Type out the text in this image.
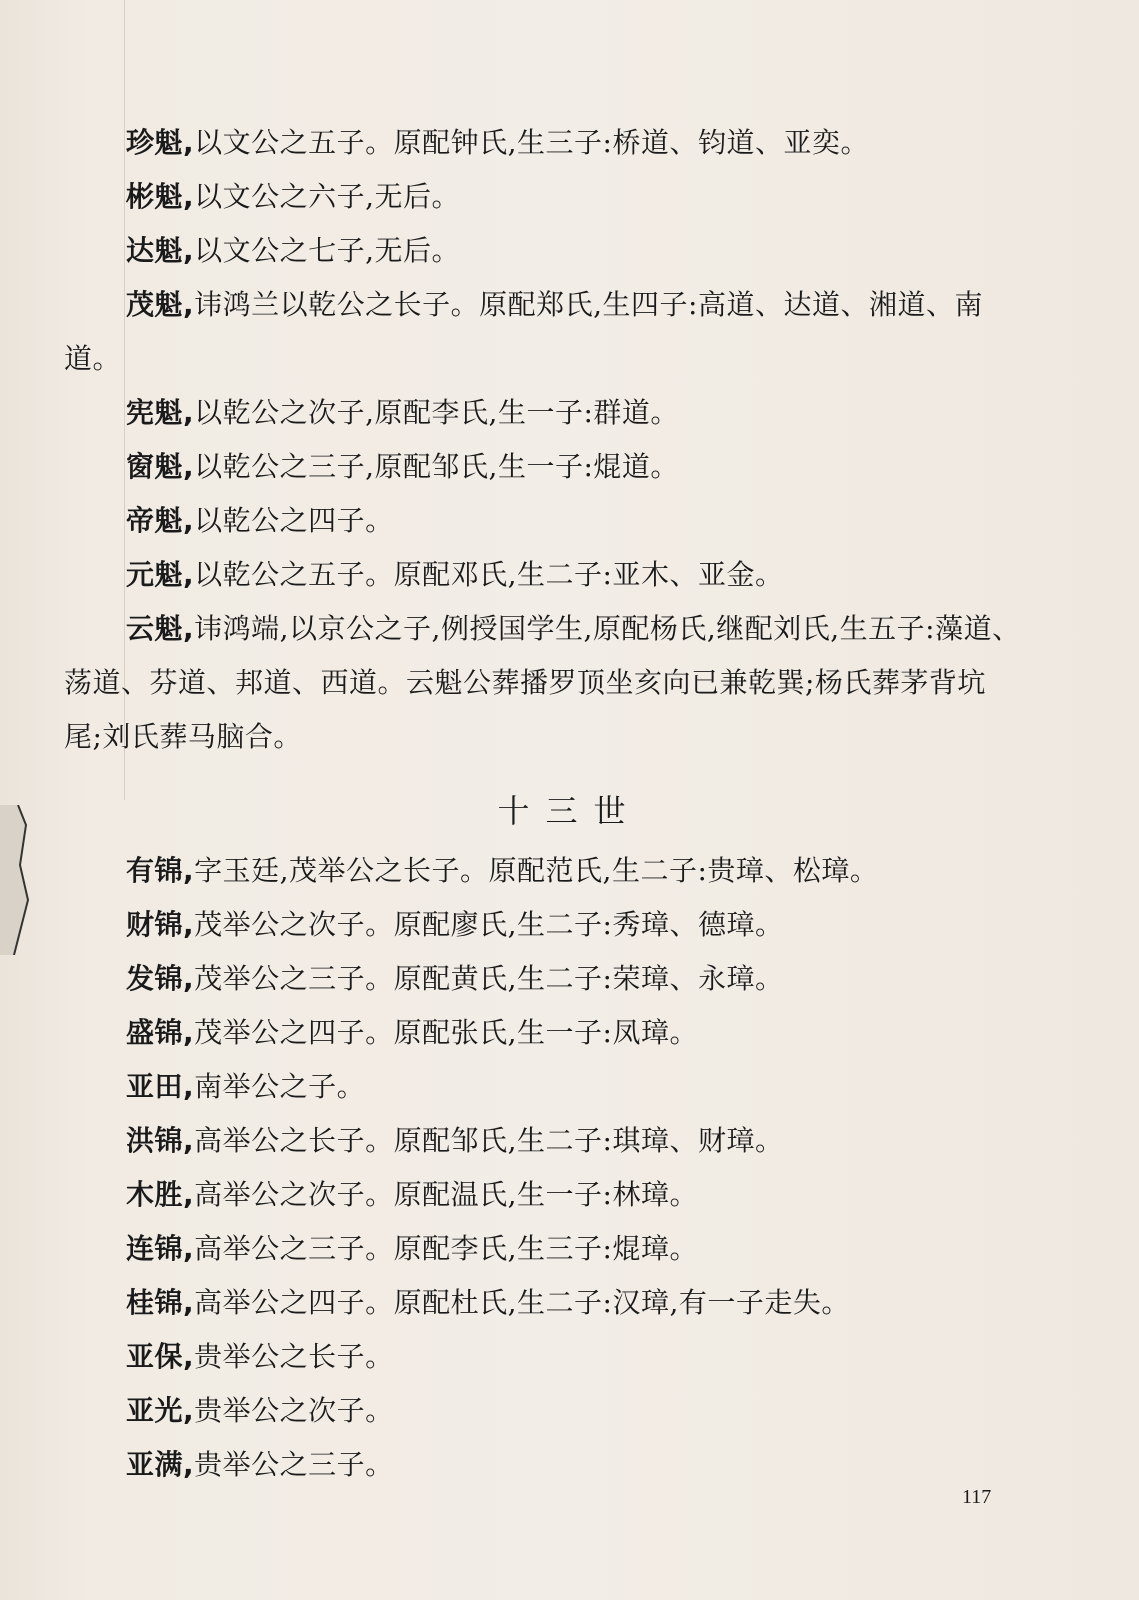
珍魁,以文公之五子。原配钟氏,生三子:桥道、钧道、亚奕。

彬魁,以文公之六子,无后。

达魁,以文公之七子,无后。

茂魁,讳鸿兰以乾公之长子。原配郑氏,生四子:高道、达道、湘道、南道。

宪魁,以乾公之次子,原配李氏,生一子:群道。

窗魁,以乾公之三子,原配邹氏,生一子:焜道。

帝魁,以乾公之四子。

元魁,以乾公之五子。原配邓氏,生二子:亚木、亚金。

云魁,讳鸿端,以京公之子,例授国学生,原配杨氏,继配刘氏,生五子:藻道、荡道、芬道、邦道、西道。云魁公葬播罗顶坐亥向已兼乾巽;杨氏葬茅背坑尾;刘氏葬马脑合。

十三世

有锦,字玉廷,茂举公之长子。原配范氏,生二子:贵璋、松璋。

财锦,茂举公之次子。原配廖氏,生二子:秀璋、德璋。

发锦,茂举公之三子。原配黄氏,生二子:荣璋、永璋。

盛锦,茂举公之四子。原配张氏,生一子:凤璋。

亚田,南举公之子。

洪锦,高举公之长子。原配邹氏,生二子:琪璋、财璋。

木胜,高举公之次子。原配温氏,生一子:林璋。

连锦,高举公之三子。原配李氏,生三子:焜璋。

桂锦,高举公之四子。原配杜氏,生二子:汉璋,有一子走失。

亚保,贵举公之长子。

亚光,贵举公之次子。

亚满,贵举公之三子。

117
